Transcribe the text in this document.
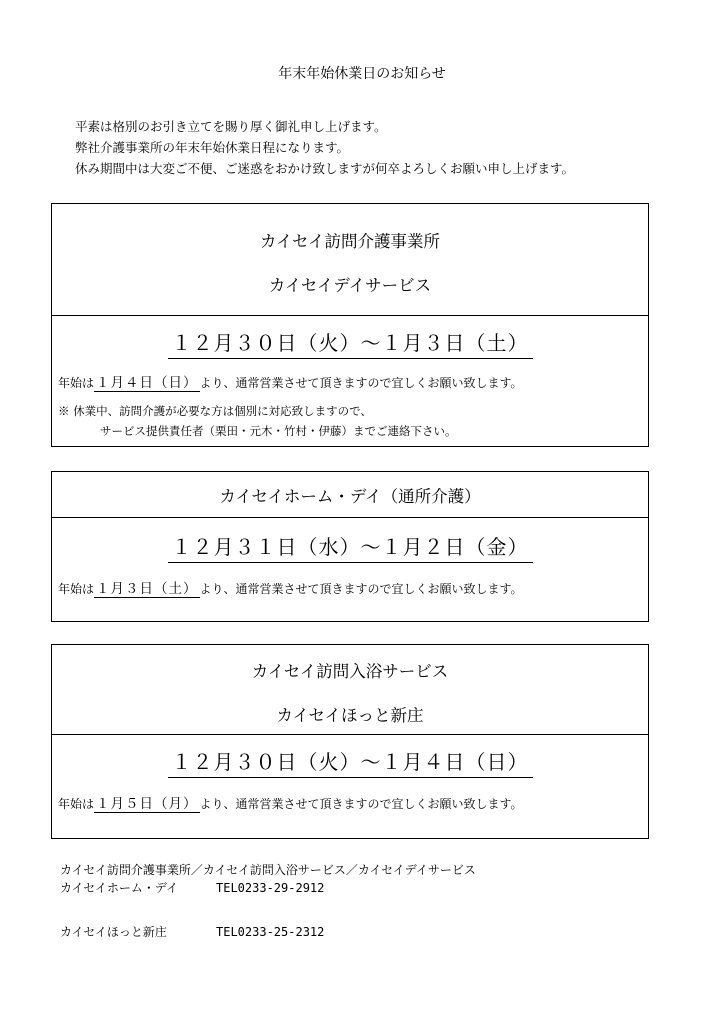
年末年始休業日のお知らせ
平素は格別のお引き立てを賜り厚く御礼申し上げます。
弊社介護事業所の年末年始休業日程になります。
休み期間中は大変ご不便、ご迷惑をおかけ致しますが何卒よろしくお願い申し上げます。
カイセイ訪問介護事業所
カイセイデイサービス
１２月３０日（火）～１月３日（土）
年始は １月４日（日） より、通常営業させて頂きますので宜しくお願い致します。
※ 休業中、訪問介護が必要な方は個別に対応致しますので、
サービス提供責任者（栗田・元木・竹村・伊藤）までご連絡下さい。
カイセイホーム・デイ（通所介護）
１２月３１日（水）～１月２日（金）
年始は １月３日（土） より、通常営業させて頂きますので宜しくお願い致します。
カイセイ訪問入浴サービス
カイセイほっと新庄
１２月３０日（火）～１月４日（日）
年始は １月５日（月） より、通常営業させて頂きますので宜しくお願い致します。
カイセイ訪問介護事業所／カイセイ訪問入浴サービス／カイセイデイサービス
カイセイホーム・デイ	TEL0233-29-2912
カイセイほっと新庄	TEL0233-25-2312
